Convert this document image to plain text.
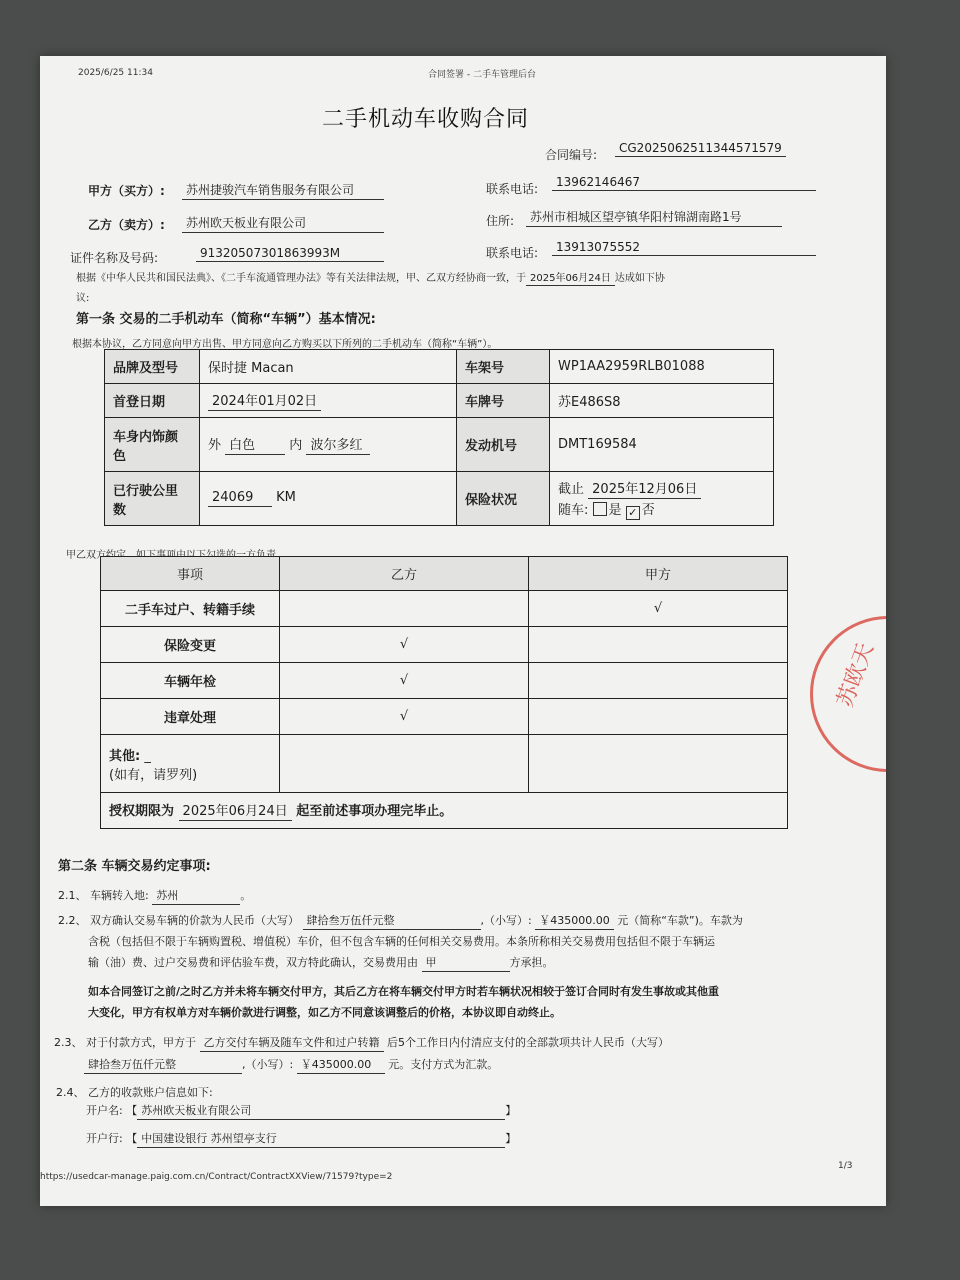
2025/6/25 11:34	合同签署 - 二手车管理后台
二手机动车收购合同
合同编号:	CG2025062511344571579
甲方（买方）:	苏州捷骏汽车销售服务有限公司	联系电话:	13962146467
乙方（卖方）:	苏州欧天板业有限公司	住所:	苏州市相城区望亭镇华阳村锦湖南路1号
证件名称及号码:	91320507301863993M	联系电话:	13913075552
根据《中华人民共和国民法典》、《二手车流通管理办法》等有关法律法规，甲、乙双方经协商一致，于 2025年06月24日 达成如下协
议:
第一条 交易的二手机动车（简称“车辆”）基本情况:
根据本协议，乙方同意向甲方出售、甲方同意向乙方购买以下所列的二手机动车（简称“车辆”）。
品牌及型号	保时捷 Macan	车架号	WP1AA2959RLB01088
首登日期	2024年01月02日	车牌号	苏E486S8
车身内饰颜
色	外 白色 内 波尔多红	发动机号	DMT169584
已行驶公里
数	24069 KM	保险状况	截止 2025年12月06日
随车: 是 ✓ 否
甲乙双方约定，如下事项由以下勾选的一方负责
事项	乙方	甲方
二手车过户、转籍手续		√
保险变更	√	
车辆年检	√	
违章处理	√	
其他: _
(如有，请罗列)		
授权期限为 2025年06月24日 起至前述事项办理完毕止。		
第二条 车辆交易约定事项:
2.1、 车辆转入地: 苏州	。
2.2、 双方确认交易车辆的价款为人民币（大写） 肆拾叁万伍仟元整	,（小写）: ￥435000.00 元（简称“车款”)。车款为
含税（包括但不限于车辆购置税、增值税）车价，但不包含车辆的任何相关交易费用。本条所称相关交易费用包括但不限于车辆运
输（油）费、过户交易费和评估验车费，双方特此确认，交易费用由 甲	方承担。
如本合同签订之前/之时乙方并未将车辆交付甲方，其后乙方在将车辆交付甲方时若车辆状况相较于签订合同时有发生事故或其他重
大变化，甲方有权单方对车辆价款进行调整，如乙方不同意该调整后的价格，本协议即自动终止。
2.3、 对于付款方式，甲方于 乙方交付车辆及随车文件和过户转籍 后5个工作日内付清应支付的全部款项共计人民币（大写）
肆拾叁万伍仟元整	,（小写）: ￥435000.00 元。支付方式为汇款。
2.4、 乙方的收款账户信息如下:
开户名: 【 苏州欧天板业有限公司	】
开户行: 【 中国建设银行 苏州望亭支行	】
https://usedcar-manage.paig.com.cn/Contract/ContractXXView/71579?type=2
1/3
苏欧天
